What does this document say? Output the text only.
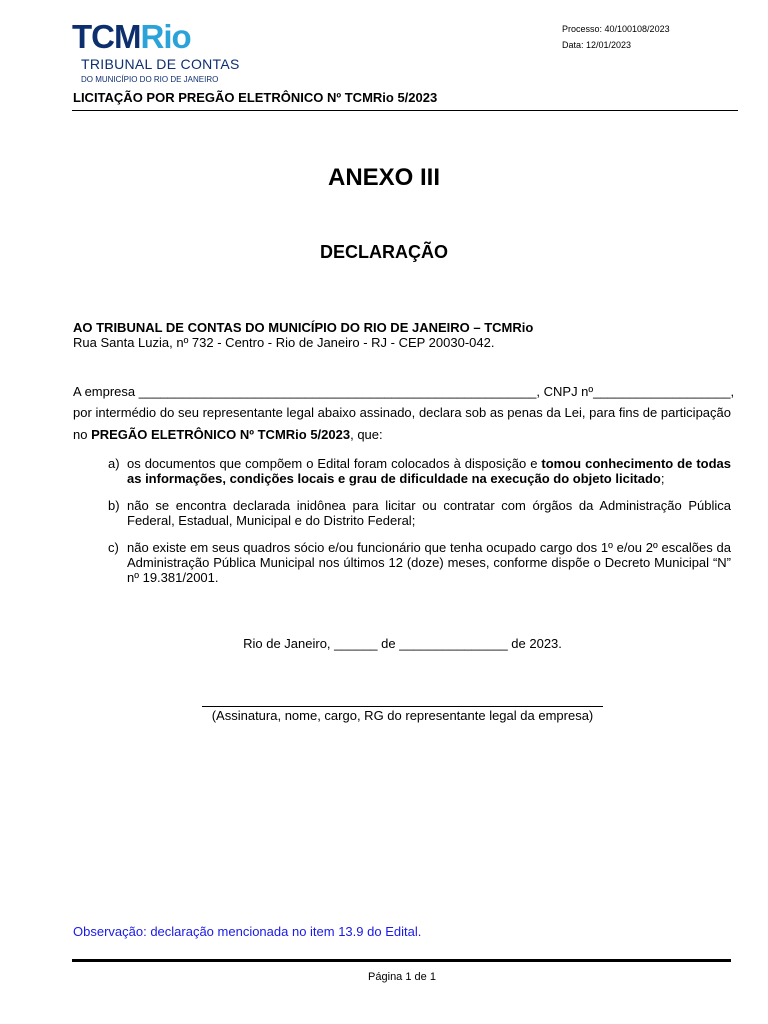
TCMRio
TRIBUNAL DE CONTAS
DO MUNICÍPIO DO RIO DE JANEIRO
Processo: 40/100108/2023
Data: 12/01/2023
LICITAÇÃO POR PREGÃO ELETRÔNICO Nº TCMRio 5/2023
ANEXO III
DECLARAÇÃO
AO TRIBUNAL DE CONTAS DO MUNICÍPIO DO RIO DE JANEIRO – TCMRio
Rua Santa Luzia, nº 732 - Centro - Rio de Janeiro - RJ - CEP 20030-042.
A empresa _______________________________________________________, CNPJ nº___________________,
por intermédio do seu representante legal abaixo assinado, declara sob as penas da Lei, para fins de participação
no PREGÃO ELETRÔNICO Nº TCMRio 5/2023, que:
a) os documentos que compõem o Edital foram colocados à disposição e tomou conhecimento de todas as informações, condições locais e grau de dificuldade na execução do objeto licitado;
b) não se encontra declarada inidônea para licitar ou contratar com órgãos da Administração Pública Federal, Estadual, Municipal e do Distrito Federal;
c) não existe em seus quadros sócio e/ou funcionário que tenha ocupado cargo dos 1º e/ou 2º escalões da Administração Pública Municipal nos últimos 12 (doze) meses, conforme dispõe o Decreto Municipal “N” nº 19.381/2001.
Rio de Janeiro, ______ de _______________ de 2023.
(Assinatura, nome, cargo, RG do representante legal da empresa)
Observação: declaração mencionada no item 13.9 do Edital.
Página 1 de 1
